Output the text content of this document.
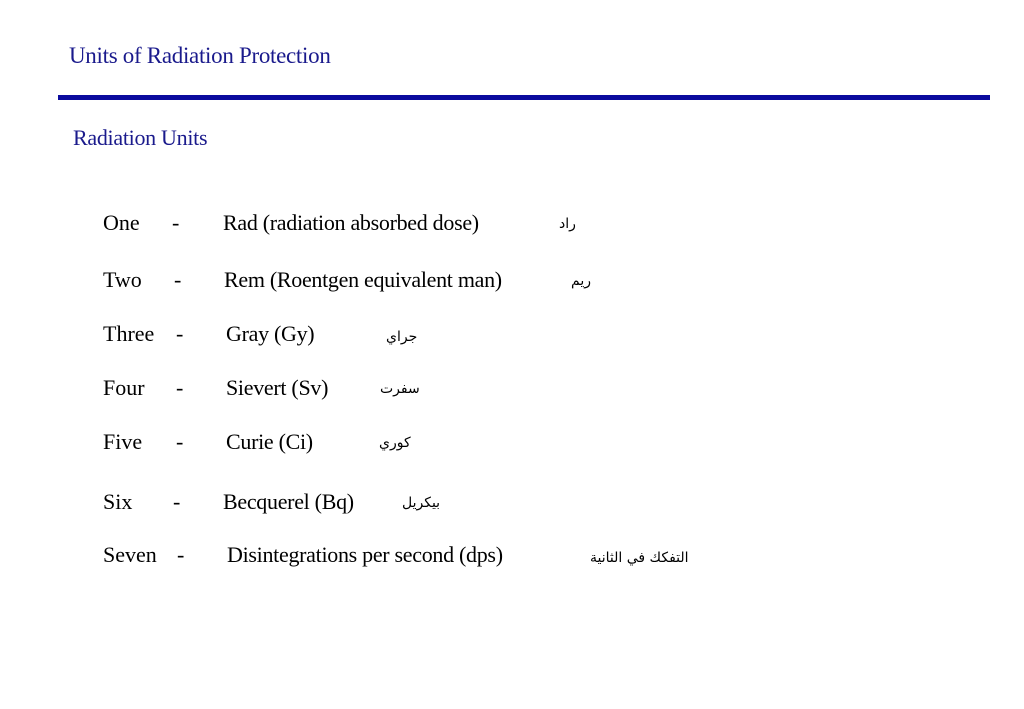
Units of Radiation Protection
Radiation Units
One - Rad (radiation absorbed dose)	راد
Two - Rem (Roentgen equivalent man)	ريم
Three - Gray (Gy)	جراي
Four - Sievert (Sv)	سفرت
Five - Curie (Ci)	كوري
Six - Becquerel (Bq)	بيكريل
Seven - Disintegrations per second (dps)	التفكك في الثانية
